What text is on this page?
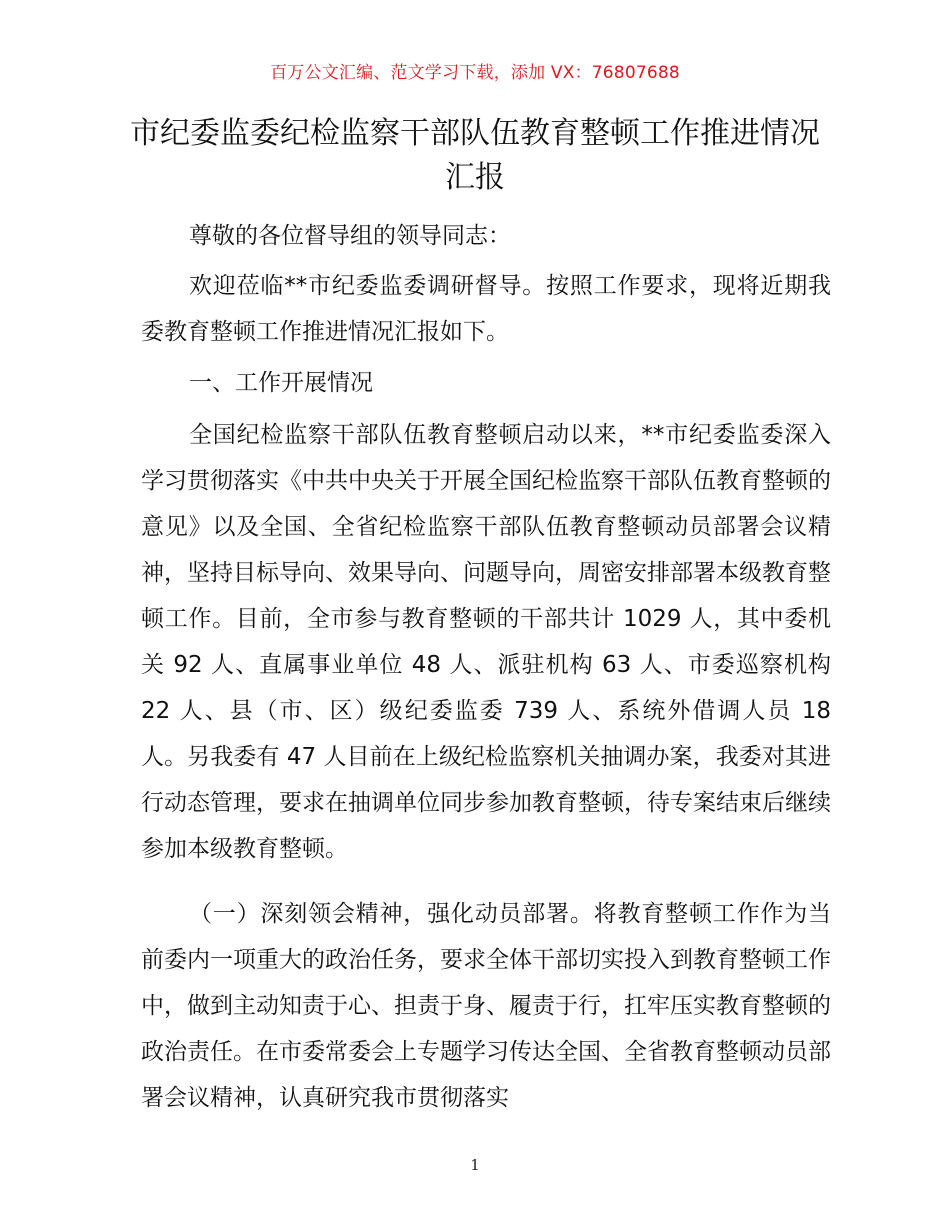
百万公文汇编、范文学习下载，添加 VX：76807688
市纪委监委纪检监察干部队伍教育整顿工作推进情况汇报

尊敬的各位督导组的领导同志：

欢迎莅临**市纪委监委调研督导。按照工作要求，现将近期我委教育整顿工作推进情况汇报如下。

一、工作开展情况

全国纪检监察干部队伍教育整顿启动以来，**市纪委监委深入学习贯彻落实《中共中央关于开展全国纪检监察干部队伍教育整顿的意见》以及全国、全省纪检监察干部队伍教育整顿动员部署会议精神，坚持目标导向、效果导向、问题导向，周密安排部署本级教育整顿工作。目前，全市参与教育整顿的干部共计 1029 人，其中委机关 92 人、直属事业单位 48 人、派驻机构 63 人、市委巡察机构 22 人、县（市、区）级纪委监委 739 人、系统外借调人员 18 人。另我委有 47 人目前在上级纪检监察机关抽调办案，我委对其进行动态管理，要求在抽调单位同步参加教育整顿，待专案结束后继续参加本级教育整顿。

（一）深刻领会精神，强化动员部署。将教育整顿工作作为当前委内一项重大的政治任务，要求全体干部切实投入到教育整顿工作中，做到主动知责于心、担责于身、履责于行，扛牢压实教育整顿的政治责任。在市委常委会上专题学习传达全国、全省教育整顿动员部署会议精神，认真研究我市贯彻落实

1
